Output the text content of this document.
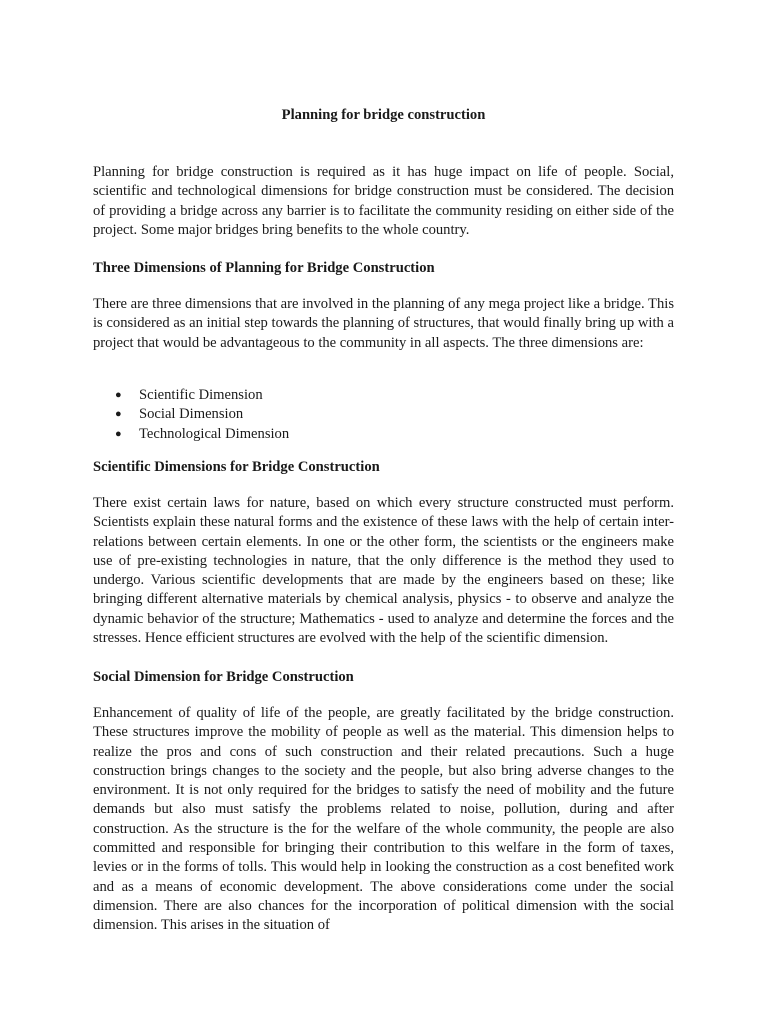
Planning for bridge construction

Planning for bridge construction is required as it has huge impact on life of people. Social, scientific and technological dimensions for bridge construction must be considered. The decision of providing a bridge across any barrier is to facilitate the community residing on either side of the project. Some major bridges bring benefits to the whole country.

Three Dimensions of Planning for Bridge Construction

There are three dimensions that are involved in the planning of any mega project like a bridge. This is considered as an initial step towards the planning of structures, that would finally bring up with a project that would be advantageous to the community in all aspects. The three dimensions are:

● Scientific Dimension
● Social Dimension
● Technological Dimension
Scientific Dimensions for Bridge Construction

There exist certain laws for nature, based on which every structure constructed must perform. Scientists explain these natural forms and the existence of these laws with the help of certain inter-relations between certain elements. In one or the other form, the scientists or the engineers make use of pre-existing technologies in nature, that the only difference is the method they used to undergo. Various scientific developments that are made by the engineers based on these; like bringing different alternative materials by chemical analysis, physics - to observe and analyze the dynamic behavior of the structure; Mathematics - used to analyze and determine the forces and the stresses. Hence efficient structures are evolved with the help of the scientific dimension.

Social Dimension for Bridge Construction

Enhancement of quality of life of the people, are greatly facilitated by the bridge construction. These structures improve the mobility of people as well as the material. This dimension helps to realize the pros and cons of such construction and their related precautions. Such a huge construction brings changes to the society and the people, but also bring adverse changes to the environment. It is not only required for the bridges to satisfy the need of mobility and the future demands but also must satisfy the problems related to noise, pollution, during and after construction. As the structure is the for the welfare of the whole community, the people are also committed and responsible for bringing their contribution to this welfare in the form of taxes, levies or in the forms of tolls. This would help in looking the construction as a cost benefited work and as a means of economic development. The above considerations come under the social dimension. There are also chances for the incorporation of political dimension with the social dimension. This arises in the situation of
